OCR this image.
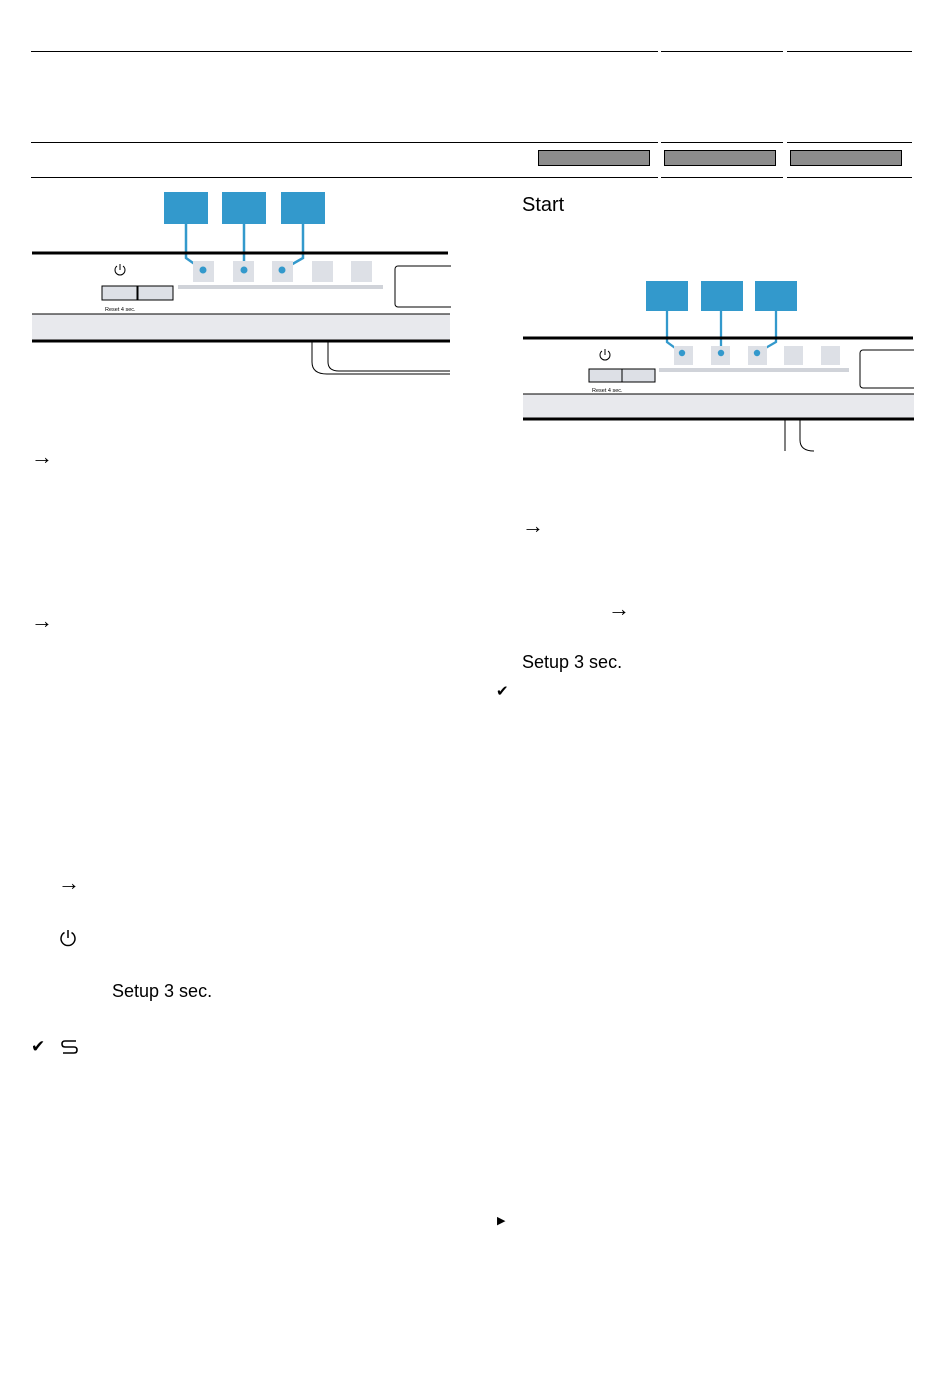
Reset 4 sec.
→
→
→
Setup 3 sec.
✔
Start
Reset 4 sec.
→
→
Setup 3 sec.
✔
▶
